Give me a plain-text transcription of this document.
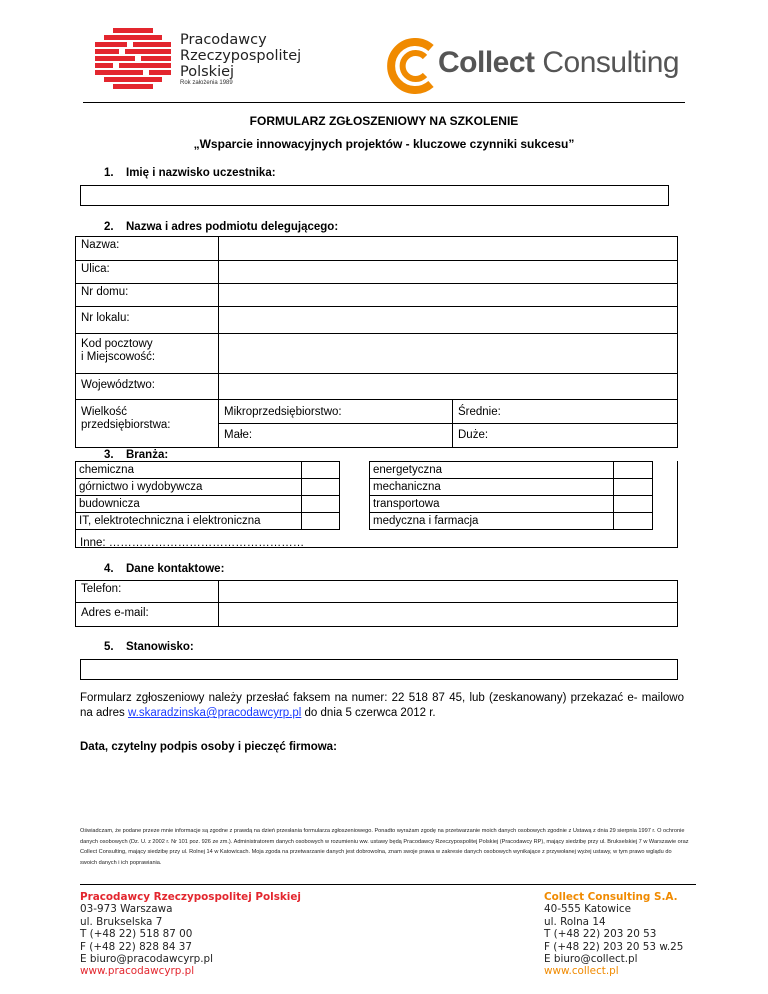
Pracodawcy
Rzeczypospolitej
Polskiej
Rok założenia 1989
Collect Consulting
FORMULARZ ZGŁOSZENIOWY NA SZKOLENIE
„Wsparcie innowacyjnych projektów - kluczowe czynniki sukcesu”
1. Imię i nazwisko uczestnika:
2. Nazwa i adres podmiotu delegującego:
Nazwa:		
Ulica:		
Nr domu:		
Nr lokalu:		
Kod pocztowy
i Miejscowość:		
Województwo:		
Wielkość
przedsiębiorstwa:	Mikroprzedsiębiorstwo:	Średnie:
	Małe:	Duże:
3. Branża:
chemiczna			energetyczna	
górnictwo i wydobywcza			mechaniczna	
budownicza			transportowa	
IT, elektrotechniczna i elektroniczna			medyczna i farmacja	
Inne: ……………………………………………
4. Dane kontaktowe:
Telefon:	
Adres e-mail:	
5. Stanowisko:
Formularz zgłoszeniowy należy przesłać faksem na numer: 22 518 87 45, lub (zeskanowany) przekazać e- mailowo na adres w.skaradzinska@pracodawcyrp.pl do dnia 5 czerwca 2012 r.
Data, czytelny podpis osoby i pieczęć firmowa:
Oświadczam, że podane przeze mnie informacje są zgodne z prawdą na dzień przesłania formularza zgłoszeniowego. Ponadto wyrażam zgodę na przetwarzanie moich danych osobowych zgodnie z Ustawą z dnia 29 sierpnia 1997 r. O ochronie danych osobowych (Dz. U. z 2002 r. Nr 101 poz. 926 ze zm.). Administratorem danych osobowych w rozumieniu ww. ustawy będą Pracodawcy Rzeczypospolitej Polskiej (Pracodawcy RP), mający siedzibę przy ul. Brukselskiej 7 w Warszawie oraz Collect Consulting, mający siedzibę przy ul. Rolnej 14 w Katowicach. Moja zgoda na przetwarzanie danych jest dobrowolna, znam swoje prawa w zakresie danych osobowych wynikające z przywołanej wyżej ustawy, w tym prawo wglądu do swoich danych i ich poprawiania.
Pracodawcy Rzeczypospolitej Polskiej
03-973 Warszawa
ul. Brukselska 7
T (+48 22) 518 87 00
F (+48 22) 828 84 37
E biuro@pracodawcyrp.pl
www.pracodawcyrp.pl
Collect Consulting S.A.
40-555 Katowice
ul. Rolna 14
T (+48 22) 203 20 53
F (+48 22) 203 20 53 w.25
E biuro@collect.pl
www.collect.pl
